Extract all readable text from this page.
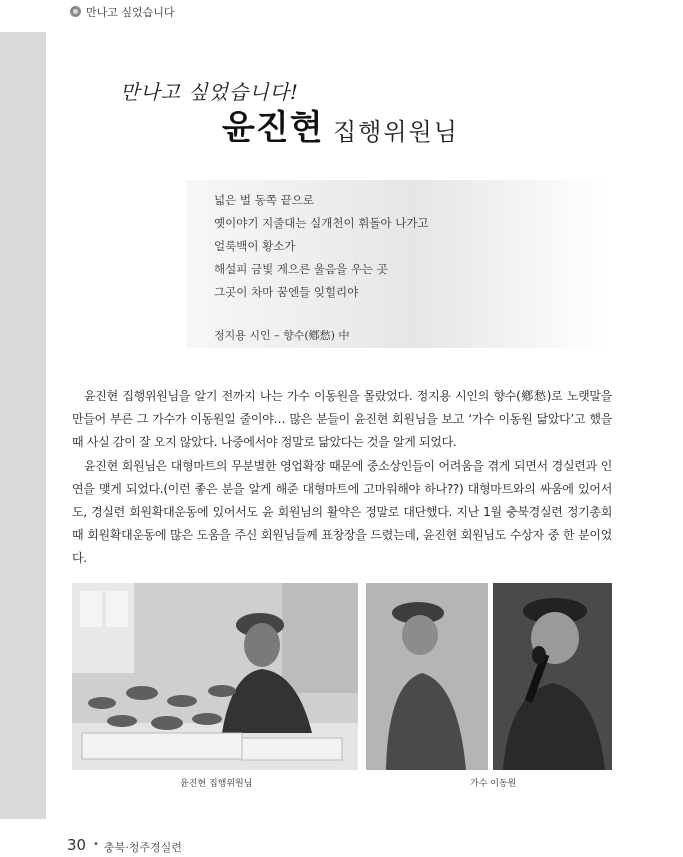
만나고 싶었습니다
만나고 싶었습니다!
윤진현 집행위원님
넓은 벌 동쪽 끝으로
옛이야기 지줄대는 실개천이 휘돌아 나가고
얼룩백이 황소가
해설피 금빛 게으른 울음을 우는 곳
그곳이 차마 꿈엔들 잊힐리야
정지용 시인 – 향수(鄕愁) 中

윤진현 집행위원님을 알기 전까지 나는 가수 이동원을 몰랐었다. 정지용 시인의 향수(鄕愁)로 노랫말을 만들어 부른 그 가수가 이동원일 줄이야… 많은 분들이 윤진현 회원님을 보고 ‘가수 이동원 닮았다’고 했을 때 사실 감이 잘 오지 않았다. 나중에서야 정말로 닮았다는 것을 알게 되었다.

윤진현 회원님은 대형마트의 무분별한 영업확장 때문에 중소상인들이 어려움을 겪게 되면서 경실련과 인연을 맺게 되었다.(이런 좋은 분을 알게 해준 대형마트에 고마워해야 하나??) 대형마트와의 싸움에 있어서도, 경실련 회원확대운동에 있어서도 윤 회원님의 활약은 정말로 대단했다. 지난 1월 충북경실련 정기총회 때 회원확대운동에 많은 도움을 주신 회원님들께 표창장을 드렸는데, 윤진현 회원님도 수상자 중 한 분이었다.

윤진현 집행위원님	가수 이동원
30 • 충북·청주경실련
